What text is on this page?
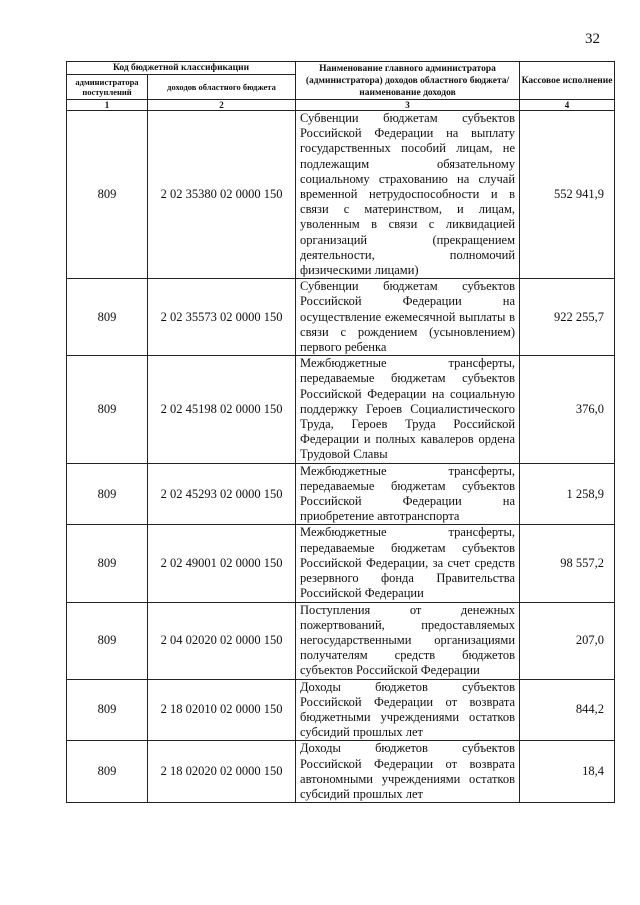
32
Код бюджетной классификации		Наименование главного администратора (администратора) доходов областного бюджета/ наименование доходов	Кассовое исполнение
администратора поступлений	доходов областного бюджета		
1	2	3	4
809	2 02 35380 02 0000 150	Субвенции бюджетам субъектов Российской Федерации на выплату государственных пособий лицам, не подлежащим обязательному социальному страхованию на случай временной нетрудоспособности и в связи с материнством, и лицам, уволенным в связи с ликвидацией организаций (прекращением деятельности, полномочий физическими лицами)	552 941,9
809	2 02 35573 02 0000 150	Субвенции бюджетам субъектов Российской Федерации на осуществление ежемесячной выплаты в связи с рождением (усыновлением) первого ребенка	922 255,7
809	2 02 45198 02 0000 150	Межбюджетные трансферты, передаваемые бюджетам субъектов Российской Федерации на социальную поддержку Героев Социалистического Труда, Героев Труда Российской Федерации и полных кавалеров ордена Трудовой Славы	376,0
809	2 02 45293 02 0000 150	Межбюджетные трансферты, передаваемые бюджетам субъектов Российской Федерации на приобретение автотранспорта	1 258,9
809	2 02 49001 02 0000 150	Межбюджетные трансферты, передаваемые бюджетам субъектов Российской Федерации, за счет средств резервного фонда Правительства Российской Федерации	98 557,2
809	2 04 02020 02 0000 150	Поступления от денежных пожертвований, предоставляемых негосударственными организациями получателям средств бюджетов субъектов Российской Федерации	207,0
809	2 18 02010 02 0000 150	Доходы бюджетов субъектов Российской Федерации от возврата бюджетными учреждениями остатков субсидий прошлых лет	844,2
809	2 18 02020 02 0000 150	Доходы бюджетов субъектов Российской Федерации от возврата автономными учреждениями остатков субсидий прошлых лет	18,4
